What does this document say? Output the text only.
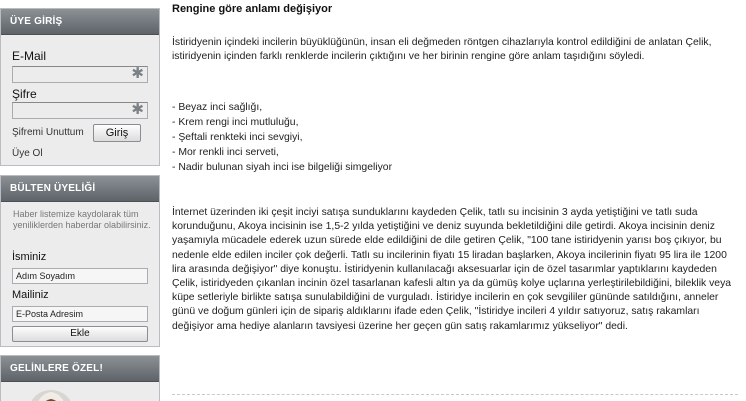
ÜYE GİRİŞ
E-Mail
✱
Şifre
✱
Şifremi Unuttum	Giriş
Üye Ol
BÜLTEN ÜYELİĞİ
Haber listemize kaydolarak tüm yeniliklerden haberdar olabilirsiniz.
İsminiz
Adım Soyadım
Mailiniz
E-Posta Adresim
Ekle
GELİNLERE ÖZEL!
Rengine göre anlamı değişiyor
İstiridyenin içindeki incilerin büyüklüğünün, insan eli değmeden röntgen cihazlarıyla kontrol edildiğini de anlatan Çelik, istiridyenin içinden farklı renklerde incilerin çıktığını ve her birinin rengine göre anlam taşıdığını söyledi.
- Beyaz inci sağlığı,
- Krem rengi inci mutluluğu,
- Şeftali renkteki inci sevgiyi,
- Mor renkli inci serveti,
- Nadir bulunan siyah inci ise bilgeliği simgeliyor
İnternet üzerinden iki çeşit inciyi satışa sunduklarını kaydeden Çelik, tatlı su incisinin 3 ayda yetiştiğini ve tatlı suda korunduğunu, Akoya incisinin ise 1,5-2 yılda yetiştiğini ve deniz suyunda bekletildiğini dile getirdi. Akoya incisinin deniz yaşamıyla mücadele ederek uzun sürede elde edildiğini de dile getiren Çelik, "100 tane istiridyenin yarısı boş çıkıyor, bu nedenle elde edilen inciler çok değerli. Tatlı su incilerinin fiyatı 15 liradan başlarken, Akoya incilerinin fiyatı 95 lira ile 1200 lira arasında değişiyor" diye konuştu. İstiridyenin kullanılacağı aksesuarlar için de özel tasarımlar yaptıklarını kaydeden Çelik, istiridyeden çıkanlan incinin özel tasarlanan kafesli altın ya da gümüş kolye uçlarına yerleştirilebildiğini, bileklik veya küpe setleriyle birlikte satışa sunulabildiğini de vurguladı. İstiridye incilerin en çok sevgililer gününde satıldığını, anneler günü ve doğum günleri için de sipariş aldıklarını ifade eden Çelik, "İstiridye incileri 4 yıldır satıyoruz, satış rakamları değişiyor ama hediye alanların tavsiyesi üzerine her geçen gün satış rakamlarımız yükseliyor" dedi.
